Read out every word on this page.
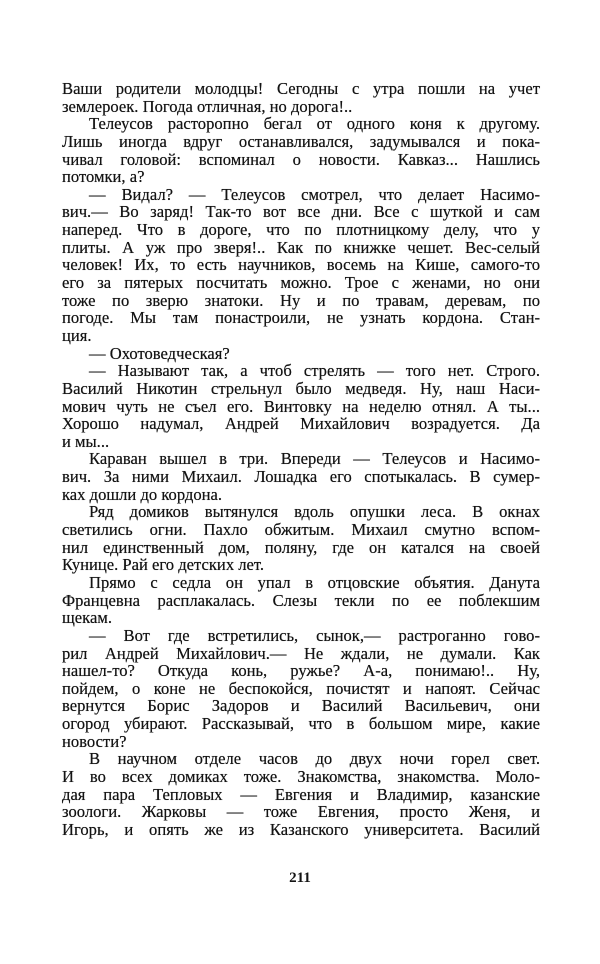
Ваши родители молодцы! Сегодны с утра пошли на учет
землероек. Погода отличная, но дорога!..
Телеусов расторопно бегал от одного коня к другому.
Лишь иногда вдруг останавливался, задумывался и пока-
чивал головой: вспоминал о новости. Кавказ... Нашлись
потомки, а?
— Видал? — Телеусов смотрел, что делает Насимо-
вич.— Во заряд! Так-то вот все дни. Все с шуткой и сам
наперед. Что в дороге, что по плотницкому делу, что у
плиты. А уж про зверя!.. Как по книжке чешет. Вес-селый
человек! Их, то есть научников, восемь на Кише, самого-то
его за пятерых посчитать можно. Трое с женами, но они
тоже по зверю знатоки. Ну и по травам, деревам, по
погоде. Мы там понастроили, не узнать кордона. Стан-
ция.
— Охотоведческая?
— Называют так, а чтоб стрелять — того нет. Строго.
Василий Никотин стрельнул было медведя. Ну, наш Наси-
мович чуть не съел его. Винтовку на неделю отнял. А ты...
Хорошо надумал, Андрей Михайлович возрадуется. Да
и мы...
Караван вышел в три. Впереди — Телеусов и Насимо-
вич. За ними Михаил. Лошадка его спотыкалась. В сумер-
ках дошли до кордона.
Ряд домиков вытянулся вдоль опушки леса. В окнах
светились огни. Пахло обжитым. Михаил смутно вспом-
нил единственный дом, поляну, где он катался на своей
Кунице. Рай его детских лет.
Прямо с седла он упал в отцовские объятия. Данута
Францевна расплакалась. Слезы текли по ее поблекшим
щекам.
— Вот где встретились, сынок,— растроганно гово-
рил Андрей Михайлович.— Не ждали, не думали. Как
нашел-то? Откуда конь, ружье? А-а, понимаю!.. Ну,
пойдем, о коне не беспокойся, почистят и напоят. Сейчас
вернутся Борис Задоров и Василий Васильевич, они
огород убирают. Рассказывай, что в большом мире, какие
новости?
В научном отделе часов до двух ночи горел свет.
И во всех домиках тоже. Знакомства, знакомства. Моло-
дая пара Тепловых — Евгения и Владимир, казанские
зоологи. Жарковы — тоже Евгения, просто Женя, и
Игорь, и опять же из Казанского университета. Василий
211
